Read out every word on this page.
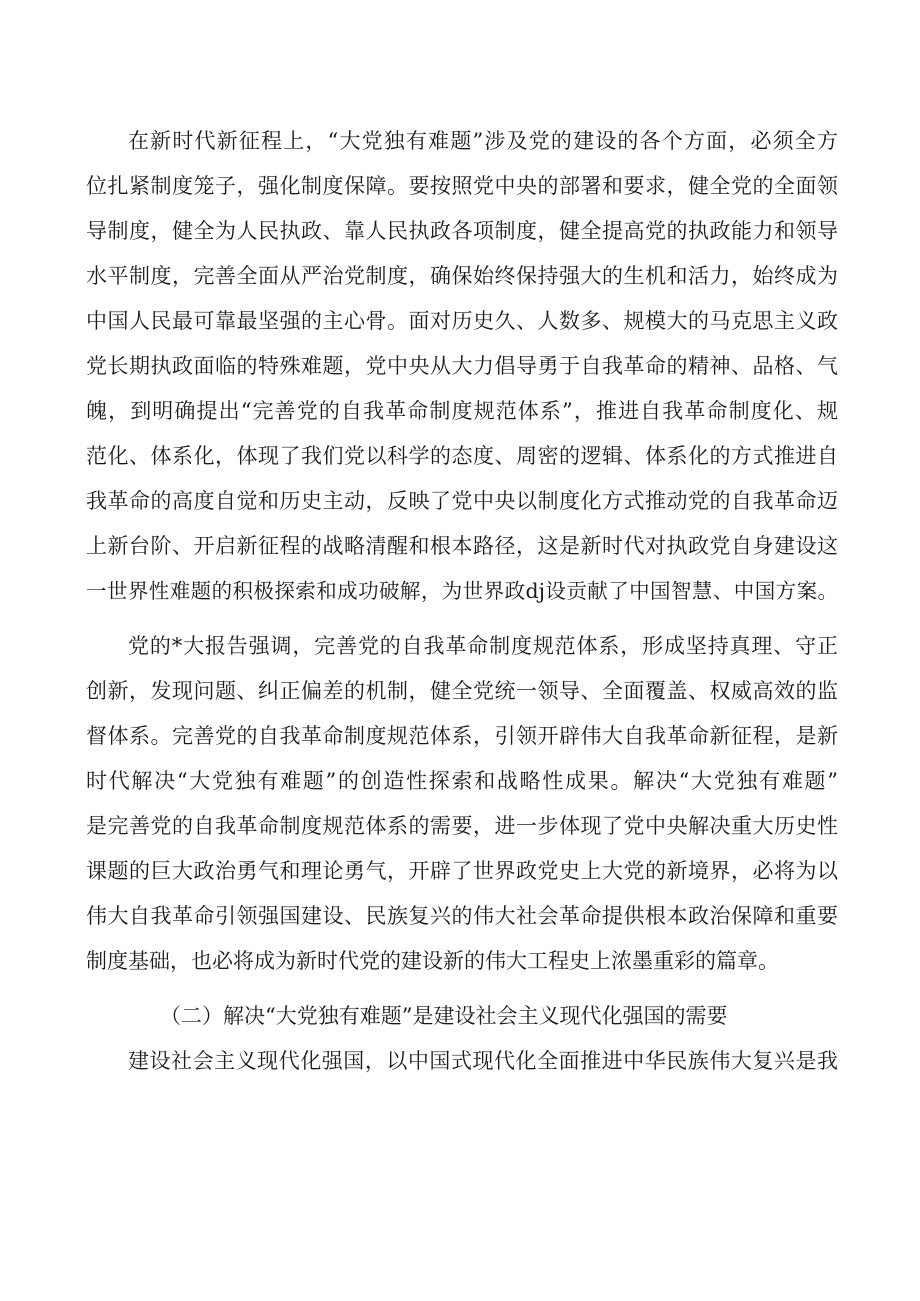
在新时代新征程上，“大党独有难题”涉及党的建设的各个方面，必须全方

位扎紧制度笼子，强化制度保障。要按照党中央的部署和要求，健全党的全面领

导制度，健全为人民执政、靠人民执政各项制度，健全提高党的执政能力和领导

水平制度，完善全面从严治党制度，确保始终保持强大的生机和活力，始终成为

中国人民最可靠最坚强的主心骨。面对历史久、人数多、规模大的马克思主义政

党长期执政面临的特殊难题，党中央从大力倡导勇于自我革命的精神、品格、气

魄，到明确提出“完善党的自我革命制度规范体系”，推进自我革命制度化、规

范化、体系化，体现了我们党以科学的态度、周密的逻辑、体系化的方式推进自

我革命的高度自觉和历史主动，反映了党中央以制度化方式推动党的自我革命迈

上新台阶、开启新征程的战略清醒和根本路径，这是新时代对执政党自身建设这

一世界性难题的积极探索和成功破解，为世界政dj设贡献了中国智慧、中国方案。

党的*大报告强调，完善党的自我革命制度规范体系，形成坚持真理、守正

创新，发现问题、纠正偏差的机制，健全党统一领导、全面覆盖、权威高效的监

督体系。完善党的自我革命制度规范体系，引领开辟伟大自我革命新征程，是新

时代解决“大党独有难题”的创造性探索和战略性成果。解决“大党独有难题”

是完善党的自我革命制度规范体系的需要，进一步体现了党中央解决重大历史性

课题的巨大政治勇气和理论勇气，开辟了世界政党史上大党的新境界，必将为以

伟大自我革命引领强国建设、民族复兴的伟大社会革命提供根本政治保障和重要

制度基础，也必将成为新时代党的建设新的伟大工程史上浓墨重彩的篇章。

（二）解决“大党独有难题”是建设社会主义现代化强国的需要

建设社会主义现代化强国，以中国式现代化全面推进中华民族伟大复兴是我
